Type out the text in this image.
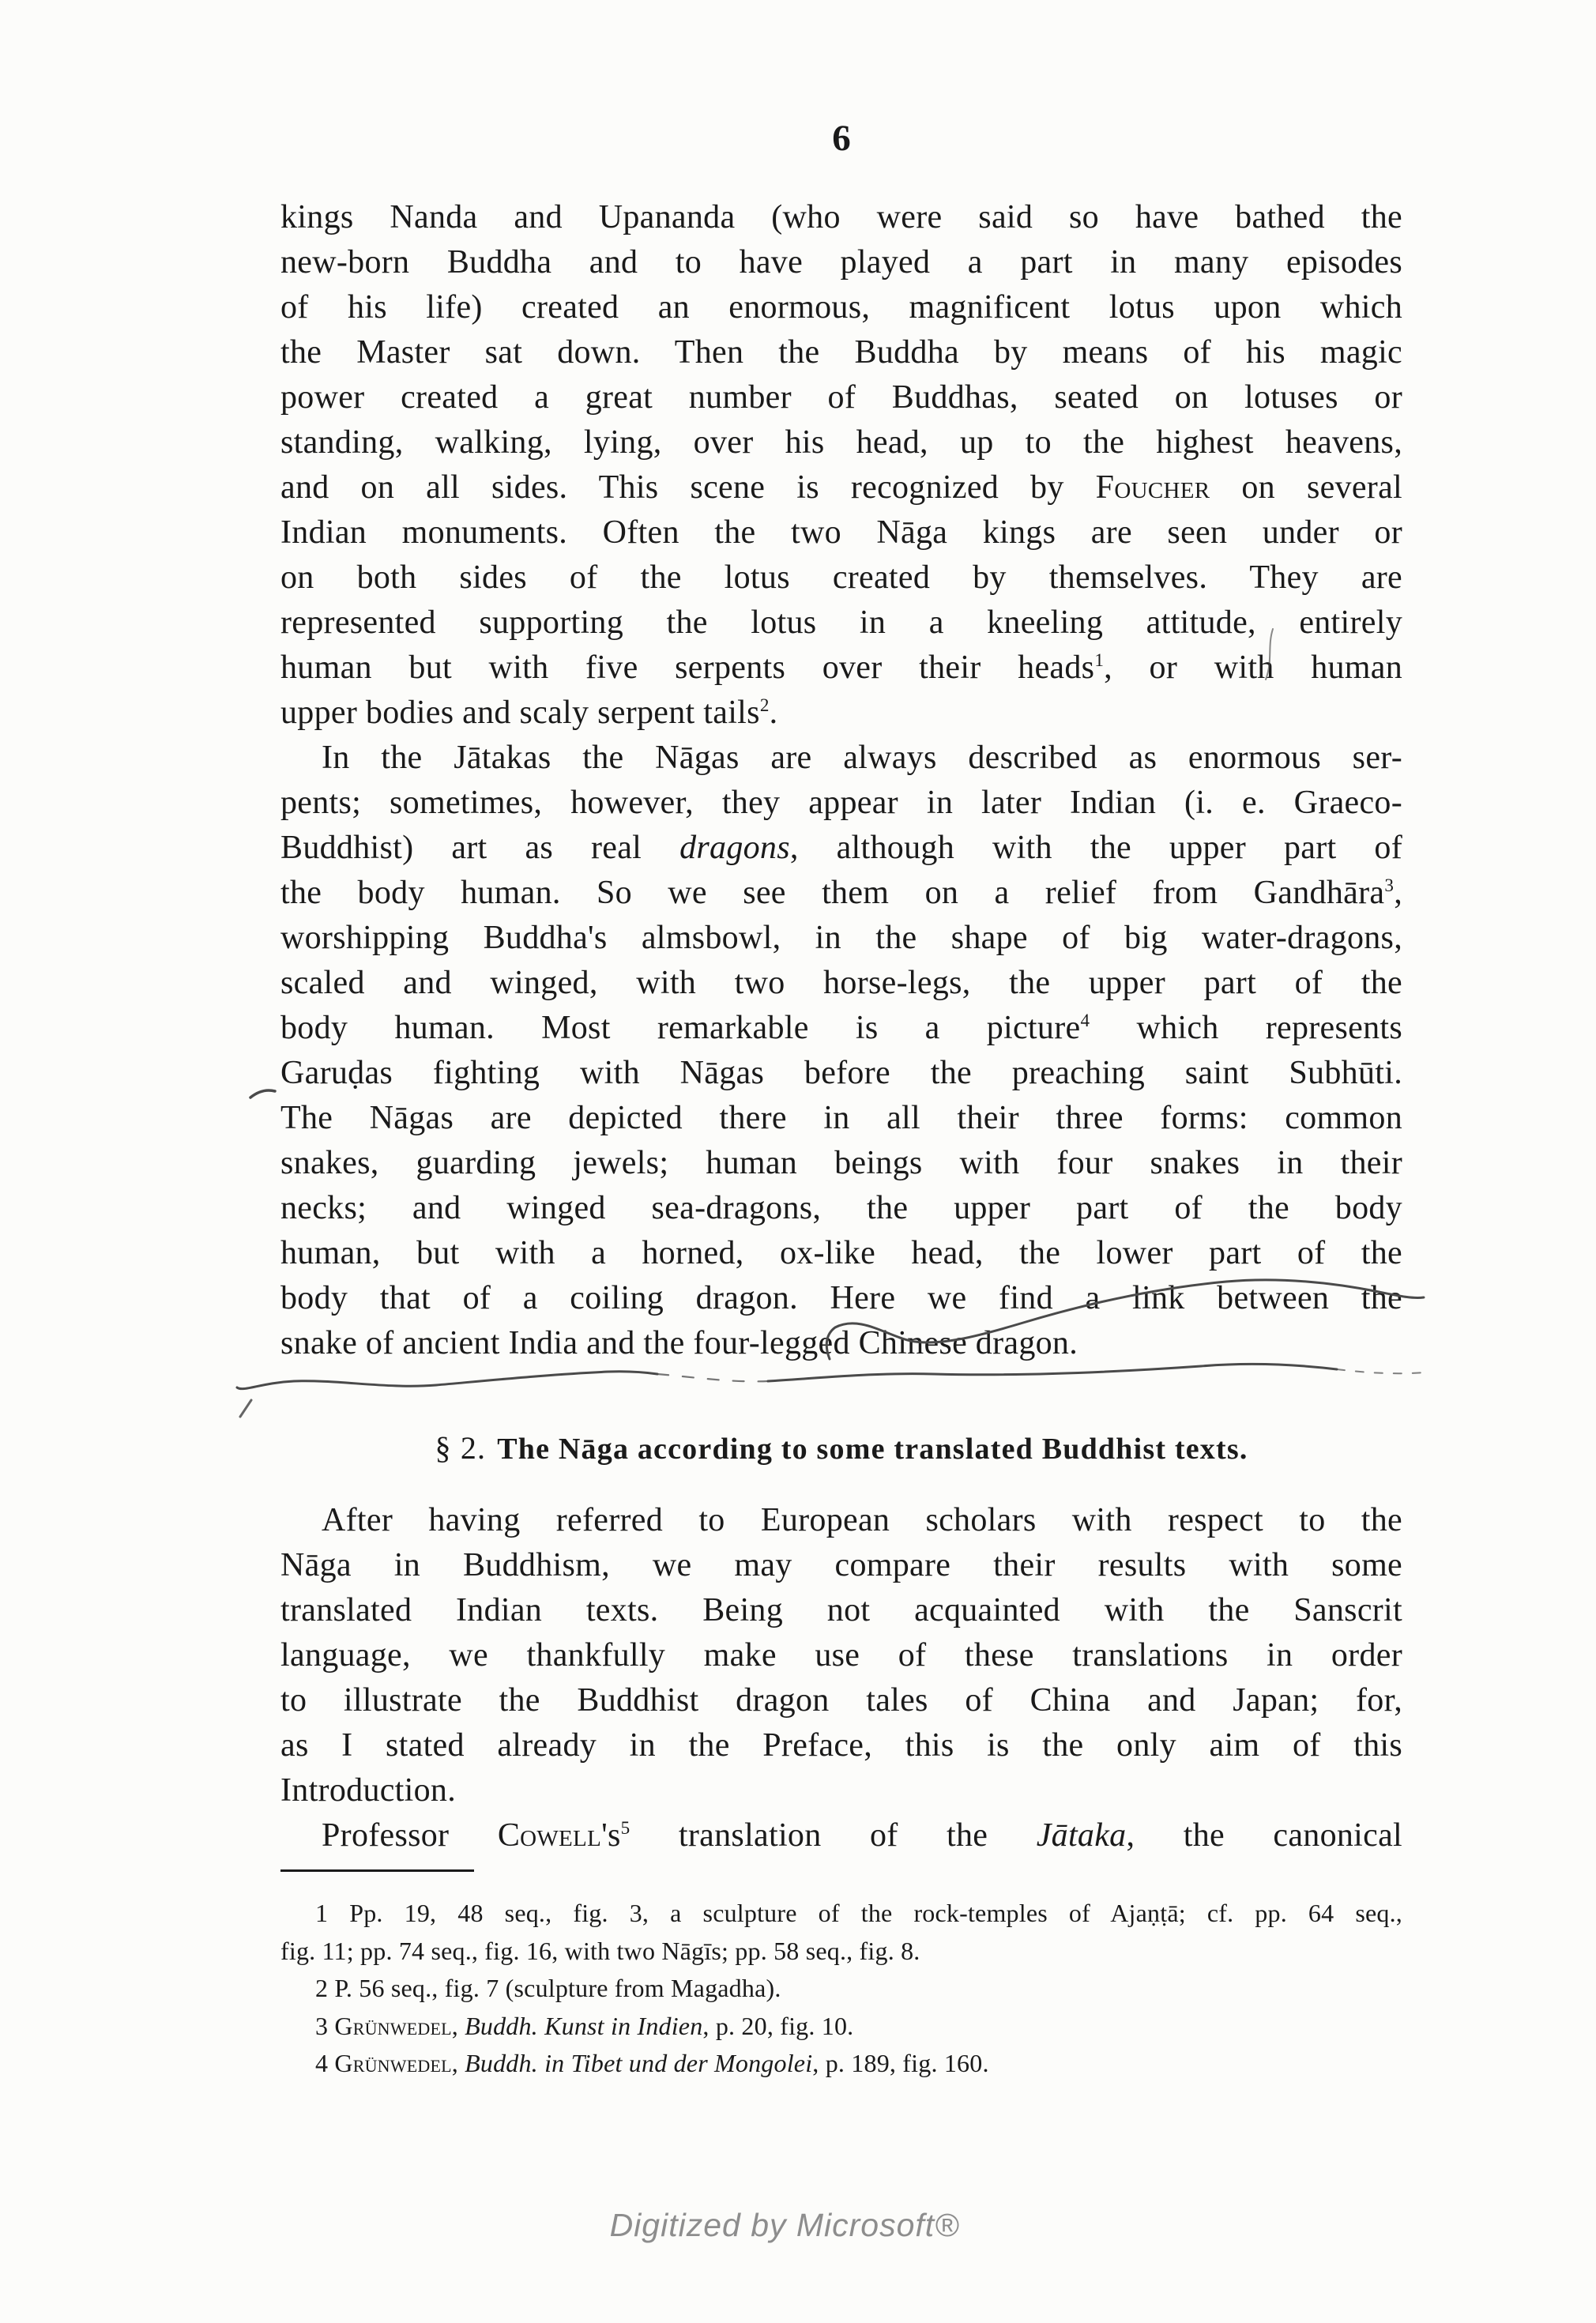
6
kings Nanda and Upananda (who were said so have bathed the
new-born Buddha and to have played a part in many episodes
of his life) created an enormous, magnificent lotus upon which
the Master sat down. Then the Buddha by means of his magic
power created a great number of Buddhas, seated on lotuses or
standing, walking, lying, over his head, up to the highest heavens,
and on all sides. This scene is recognized by Foucher on several
Indian monuments. Often the two Nāga kings are seen under or
on both sides of the lotus created by themselves. They are
represented supporting the lotus in a kneeling attitude, entirely
human but with five serpents over their heads$^1$, or with human
upper bodies and scaly serpent tails$^2$.
In the Jātakas the Nāgas are always described as enormous ser-
pents; sometimes, however, they appear in later Indian (i. e. Graeco-
Buddhist) art as real dragons, although with the upper part of
the body human. So we see them on a relief from Gandhāra$^3$,
worshipping Buddha's almsbowl, in the shape of big water-dragons,
scaled and winged, with two horse-legs, the upper part of the
body human. Most remarkable is a picture$^4$ which represents
Garuḍas fighting with Nāgas before the preaching saint Subhūti.
The Nāgas are depicted there in all their three forms: common
snakes, guarding jewels; human beings with four snakes in their
necks; and winged sea-dragons, the upper part of the body
human, but with a horned, ox-like head, the lower part of the
body that of a coiling dragon. Here we find a link between the
snake of ancient India and the four-legged Chinese dragon.
§ 2. The Nāga according to some translated Buddhist texts.
After having referred to European scholars with respect to the
Nāga in Buddhism, we may compare their results with some
translated Indian texts. Being not acquainted with the Sanscrit
language, we thankfully make use of these translations in order
to illustrate the Buddhist dragon tales of China and Japan; for,
as I stated already in the Preface, this is the only aim of this
Introduction.
Professor $Cowell's^5$ translation of the Jātaka, the canonical
1 Pp. 19, 48 seq., fig. 3, a sculpture of the rock-temples of Ajaṇṭā; cf. pp. 64 seq.,
fig. 11; pp. 74 seq., fig. 16, with two Nāgīs; pp. 58 seq., fig. 8.
2 P. 56 seq., fig. 7 (sculpture from Magadha).
3 Grünwedel, Buddh. Kunst in Indien, p. 20, fig. 10.
4 Grünwedel, Buddh. in Tibet und der Mongolei, p. 189, fig. 160.
Digitized by Microsoft®
